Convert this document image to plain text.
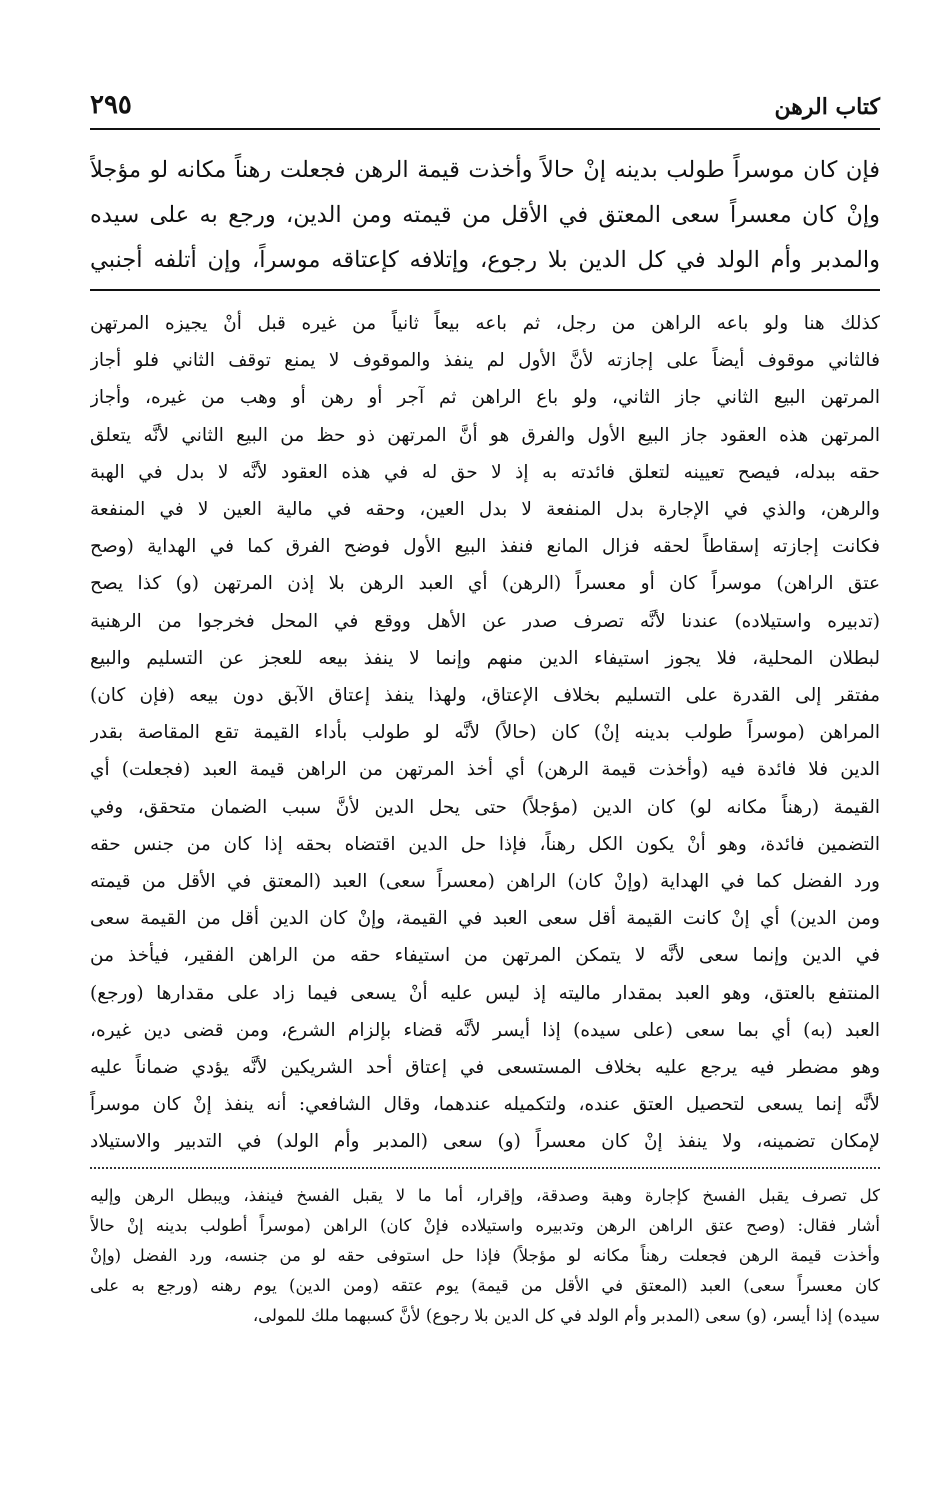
كتاب الرهن
٢٩٥

فإن كان موسراً طولب بدينه إنْ حالاً وأخذت قيمة الرهن فجعلت رهناً مكانه لو مؤجلاً

وإنْ كان معسراً سعى المعتق في الأقل من قيمته ومن الدين، ورجع به على سيده

والمدبر وأم الولد في كل الدين بلا رجوع، وإتلافه كإعتاقه موسراً، وإن أتلفه أجنبي

كذلك هنا ولو باعه الراهن من رجل، ثم باعه بيعاً ثانياً من غيره قبل أنْ يجيزه المرتهن

فالثاني موقوف أيضاً على إجازته لأنَّ الأول لم ينفذ والموقوف لا يمنع توقف الثاني فلو أجاز

المرتهن البيع الثاني جاز الثاني، ولو باع الراهن ثم آجر أو رهن أو وهب من غيره، وأجاز

المرتهن هذه العقود جاز البيع الأول والفرق هو أنَّ المرتهن ذو حظ من البيع الثاني لأنَّه يتعلق

حقه ببدله، فيصح تعيينه لتعلق فائدته به إذ لا حق له في هذه العقود لأنَّه لا بدل في الهبة

والرهن، والذي في الإجارة بدل المنفعة لا بدل العين، وحقه في مالية العين لا في المنفعة

فكانت إجازته إسقاطاً لحقه فزال المانع فنفذ البيع الأول فوضح الفرق كما في الهداية (وصح

عتق الراهن) موسراً كان أو معسراً (الرهن) أي العبد الرهن بلا إذن المرتهن (و) كذا يصح

(تدبيره واستيلاده) عندنا لأنَّه تصرف صدر عن الأهل ووقع في المحل فخرجوا من الرهنية

لبطلان المحلية، فلا يجوز استيفاء الدين منهم وإنما لا ينفذ بيعه للعجز عن التسليم والبيع

مفتقر إلى القدرة على التسليم بخلاف الإعتاق، ولهذا ينفذ إعتاق الآبق دون بيعه (فإن كان)

المراهن (موسراً طولب بدينه إنْ) كان (حالاً) لأنَّه لو طولب بأداء القيمة تقع المقاصة بقدر

الدين فلا فائدة فيه (وأخذت قيمة الرهن) أي أخذ المرتهن من الراهن قيمة العبد (فجعلت) أي

القيمة (رهناً مكانه لو) كان الدين (مؤجلاً) حتى يحل الدين لأنَّ سبب الضمان متحقق، وفي

التضمين فائدة، وهو أنْ يكون الكل رهناً، فإذا حل الدين اقتضاه بحقه إذا كان من جنس حقه

ورد الفضل كما في الهداية (وإنْ كان) الراهن (معسراً سعى) العبد (المعتق في الأقل من قيمته

ومن الدين) أي إنْ كانت القيمة أقل سعى العبد في القيمة، وإنْ كان الدين أقل من القيمة سعى

في الدين وإنما سعى لأنَّه لا يتمكن المرتهن من استيفاء حقه من الراهن الفقير، فيأخذ من

المنتفع بالعتق، وهو العبد بمقدار ماليته إذ ليس عليه أنْ يسعى فيما زاد على مقدارها (ورجع)

العبد (به) أي بما سعى (على سيده) إذا أيسر لأنَّه قضاء بإلزام الشرع، ومن قضى دين غيره،

وهو مضطر فيه يرجع عليه بخلاف المستسعى في إعتاق أحد الشريكين لأنَّه يؤدي ضماناً عليه

لأنَّه إنما يسعى لتحصيل العتق عنده، ولتكميله عندهما، وقال الشافعي: أنه ينفذ إنْ كان موسراً

لإمكان تضمينه، ولا ينفذ إنْ كان معسراً (و) سعى (المدبر وأم الولد) في التدبير والاستيلاد

كل تصرف يقبل الفسخ كإجارة وهبة وصدقة، وإقرار، أما ما لا يقبل الفسخ فينفذ، ويبطل الرهن وإليه

أشار فقال: (وصح عتق الراهن الرهن وتدبيره واستيلاده فإنْ كان) الراهن (موسراً أطولب بدينه إنْ حالاً

وأخذت قيمة الرهن فجعلت رهناً مكانه لو مؤجلاً) فإذا حل استوفى حقه لو من جنسه، ورد الفضل (وإنْ

كان معسراً سعى) العبد (المعتق في الأقل من قيمة) يوم عتقه (ومن الدين) يوم رهنه (ورجع به على

سيده) إذا أيسر، (و) سعى (المدبر وأم الولد في كل الدين بلا رجوع) لأنَّ كسبهما ملك للمولى،
